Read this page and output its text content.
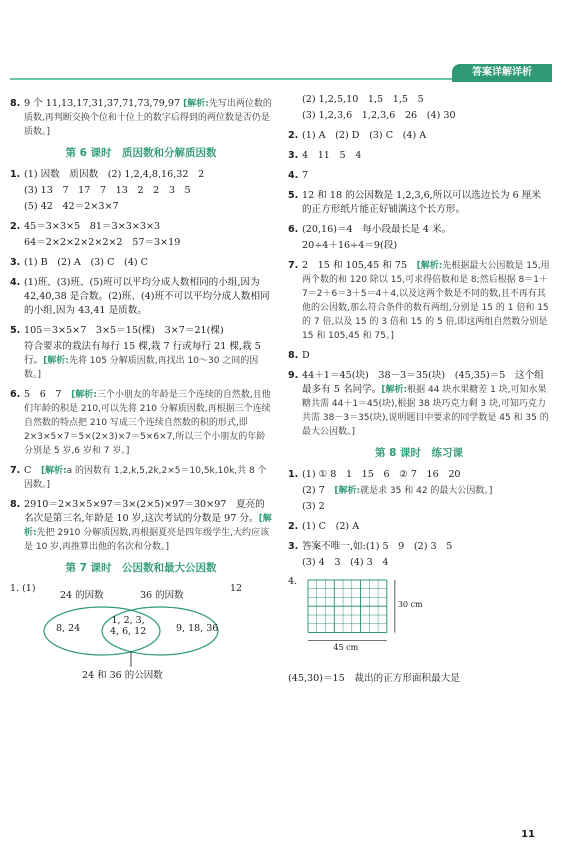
答案详解详析
8. 9 个 11,13,17,31,37,71,73,79,97 [解析:先写出两位数的质数,再判断交换个位和十位上的数字后得到的两位数是否仍是质数。]
第 6 课时　质因数和分解质因数
1. (1) 因数　质因数　(2) 1,2,4,8,16,32　2
(3) 13　7　17　7　13　2　2　3　5
(5) 42　42＝2×3×7
2. 45＝3×3×5　81＝3×3×3×3
64＝2×2×2×2×2×2　57＝3×19
3. (1) B　(2) A　(3) C　(4) C
4. (1)班、(3)班、(5)班可以平均分成人数相同的小组,因为 42,40,38 是合数。(2)班、(4)班不可以平均分成人数相同的小组,因为 43,41 是质数。
5. 105＝3×5×7　3×5＝15(棵)　3×7＝21(棵)
符合要求的栽法有每行 15 棵,栽 7 行或每行 21 棵,栽 5 行。[解析:先将 105 分解质因数,再找出 10～30 之间的因数。]
6. 5　6　7　[解析:三个小朋友的年龄是三个连续的自然数,且他们年龄的积是 210,可以先将 210 分解质因数,再根据三个连续自然数的特点把 210 写成三个连续自然数的积的形式,即 2×3×5×7＝5×(2×3)×7＝5×6×7,所以三个小朋友的年龄分别是 5 岁,6 岁和 7 岁。]
7. C　[解析:a 的因数有 1,2,k,5,2k,2×5＝10,5k,10k,共 8 个因数。]
8. 2910＝2×3×5×97＝3×(2×5)×97＝30×97　夏亮的名次是第三名,年龄是 10 岁,这次考试的分数是 97 分。[解析:先把 2910 分解质因数,再根据夏亮是四年级学生,大约应该是 10 岁,再推算出他的名次和分数。]
第 7 课时　公因数和最大公因数
1. (1)
24 的因数	36 的因数
12
8, 24
1, 2, 3,
4, 6, 12	9, 18, 36
24 和 36 的公因数
(2) 1,2,5,10　1,5　1,5　5
(3) 1,2,3,6　1,2,3,6　26　(4) 30
2. (1) A　(2) D　(3) C　(4) A
3. 4　11　5　4
4. 7
5. 12 和 18 的公因数是 1,2,3,6,所以可以选边长为 6 厘米的正方形纸片能正好铺满这个长方形。
6. (20,16)＝4　每小段最长是 4 米。
20÷4＋16÷4＝9(段)
7. 2　15 和 105,45 和 75　[解析:先根据最大公因数是 15,用两个数的和 120 除以 15,可求得倍数和是 8;然后根据 8＝1＋7＝2＋6＝3＋5＝4＋4,以及这两个数是不同的数,且不再有其他的公因数,那么符合条件的数有两组,分别是 15 的 1 倍和 15 的 7 倍,以及 15 的 3 倍和 15 的 5 倍,即这两组自然数分别是 15 和 105,45 和 75。]
8. D
9. 44＋1＝45(块)　38－3＝35(块)　(45,35)＝5　这个组最多有 5 名同学。[解析:根据 44 块水果糖差 1 块,可知水果糖共需 44＋1＝45(块),根据 38 块巧克力剩 3 块,可知巧克力共需 38－3＝35(块),说明题目中要求的同学数是 45 和 35 的最大公因数。]
第 8 课时　练习课
1. (1) ① 8　1　15　6　② 7　16　20
(2) 7　[解析:就是求 35 和 42 的最大公因数。]
(3) 2
2. (1) C　(2) A
3. 答案不唯一,如:(1) 5　9　(2) 3　5
(3) 4　3　(4) 3　4
4.
45 cm
30 cm
(45,30)＝15　裁出的正方形面积最大是
11
